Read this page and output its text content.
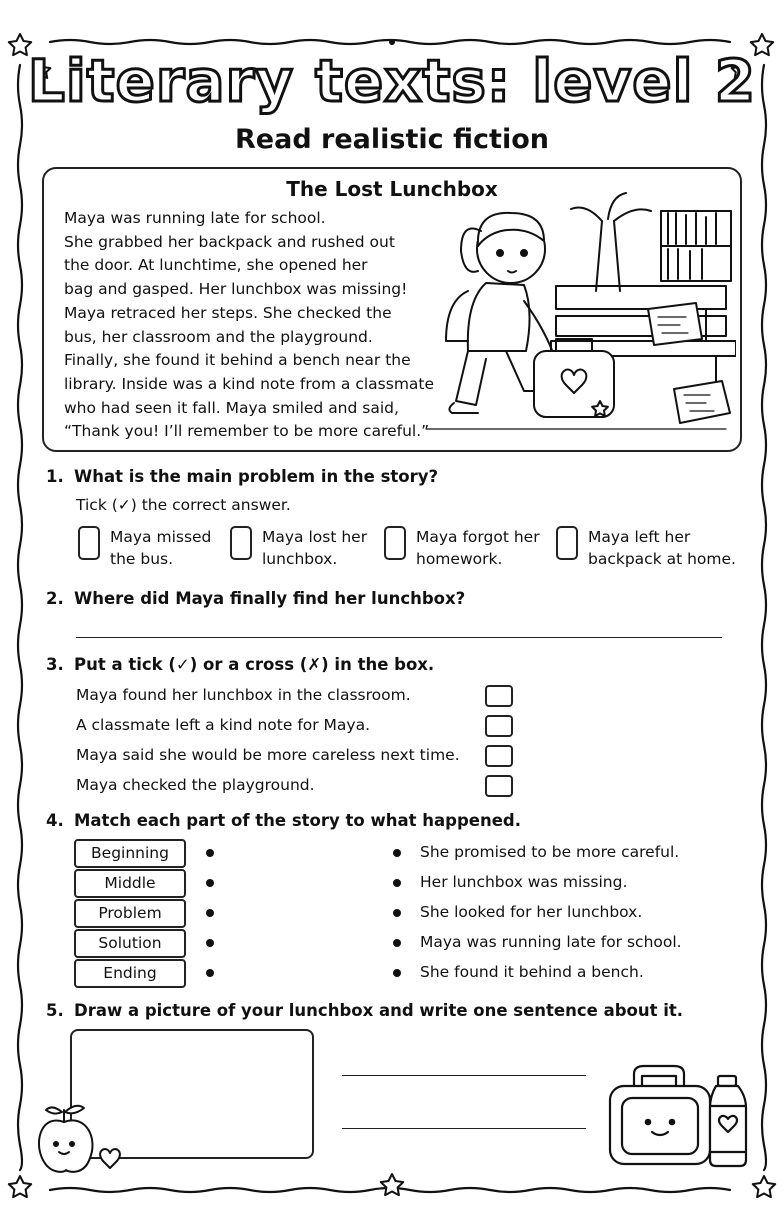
Literary texts: level 2
Read realistic fiction
The Lost Lunchbox
Maya was running late for school.
She grabbed her backpack and rushed out
the door. At lunchtime, she opened her
bag and gasped. Her lunchbox was missing!
Maya retraced her steps. She checked the
bus, her classroom and the playground.
Finally, she found it behind a bench near the
library. Inside was a kind note from a classmate
who had seen it fall. Maya smiled and said,
“Thank you! I’ll remember to be more careful.”
1. What is the main problem in the story?
Tick (✓) the correct answer.
Maya missed
the bus.
Maya lost her
lunchbox.
Maya forgot her
homework.
Maya left her
backpack at home.
2. Where did Maya finally find her lunchbox?
3. Put a tick (✓) or a cross (✗) in the box.
Maya found her lunchbox in the classroom.
A classmate left a kind note for Maya.
Maya said she would be more careless next time.
Maya checked the playground.
4. Match each part of the story to what happened.
Beginning
Middle
Problem
Solution
Ending
She promised to be more careful.
Her lunchbox was missing.
She looked for her lunchbox.
Maya was running late for school.
She found it behind a bench.
5. Draw a picture of your lunchbox and write one sentence about it.
